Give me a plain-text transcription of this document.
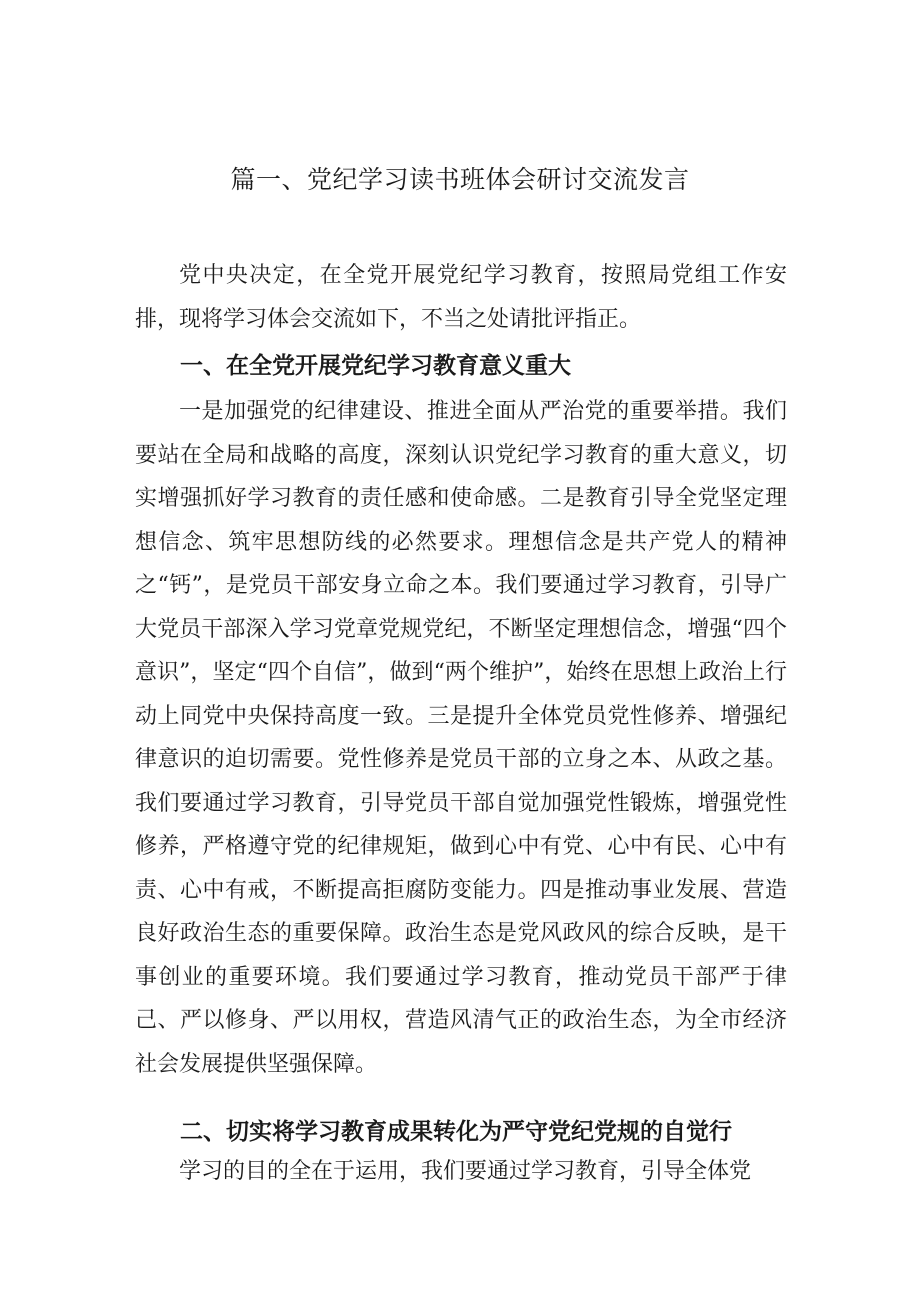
篇一、党纪学习读书班体会研讨交流发言

党中央决定，在全党开展党纪学习教育，按照局党组工作安排，现将学习体会交流如下，不当之处请批评指正。

一、在全党开展党纪学习教育意义重大

一是加强党的纪律建设、推进全面从严治党的重要举措。我们要站在全局和战略的高度，深刻认识党纪学习教育的重大意义，切实增强抓好学习教育的责任感和使命感。二是教育引导全党坚定理想信念、筑牢思想防线的必然要求。理想信念是共产党人的精神之“钙”，是党员干部安身立命之本。我们要通过学习教育，引导广大党员干部深入学习党章党规党纪，不断坚定理想信念，增强“四个意识”，坚定“四个自信”，做到“两个维护”，始终在思想上政治上行动上同党中央保持高度一致。三是提升全体党员党性修养、增强纪律意识的迫切需要。党性修养是党员干部的立身之本、从政之基。我们要通过学习教育，引导党员干部自觉加强党性锻炼，增强党性修养，严格遵守党的纪律规矩，做到心中有党、心中有民、心中有责、心中有戒，不断提高拒腐防变能力。四是推动事业发展、营造良好政治生态的重要保障。政治生态是党风政风的综合反映，是干事创业的重要环境。我们要通过学习教育，推动党员干部严于律己、严以修身、严以用权，营造风清气正的政治生态，为全市经济社会发展提供坚强保障。

二、切实将学习教育成果转化为严守党纪党规的自觉行

学习的目的全在于运用，我们要通过学习教育，引导全体党
